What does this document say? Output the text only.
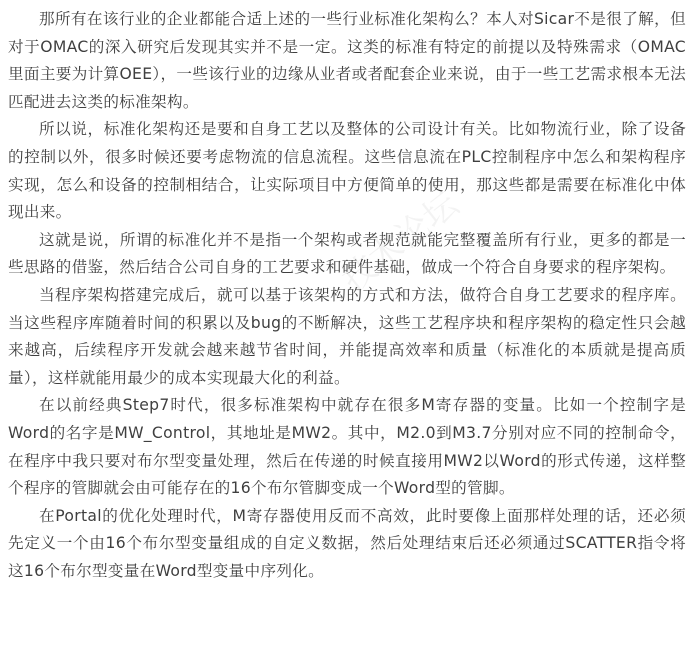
那所有在该行业的企业都能合适上述的一些行业标准化架构么？本人对Sicar不是很了解，但对于OMAC的深入研究后发现其实并不是一定。这类的标准有特定的前提以及特殊需求（OMAC里面主要为计算OEE），一些该行业的边缘从业者或者配套企业来说，由于一些工艺需求根本无法匹配进去这类的标准架构。

所以说，标准化架构还是要和自身工艺以及整体的公司设计有关。比如物流行业，除了设备的控制以外，很多时候还要考虑物流的信息流程。这些信息流在PLC控制程序中怎么和架构程序实现，怎么和设备的控制相结合，让实际项目中方便简单的使用，那这些都是需要在标准化中体现出来。

这就是说，所谓的标准化并不是指一个架构或者规范就能完整覆盖所有行业，更多的都是一些思路的借鉴，然后结合公司自身的工艺要求和硬件基础，做成一个符合自身要求的程序架构。

当程序架构搭建完成后，就可以基于该架构的方式和方法，做符合自身工艺要求的程序库。当这些程序库随着时间的积累以及bug的不断解决，这些工艺程序块和程序架构的稳定性只会越来越高，后续程序开发就会越来越节省时间，并能提高效率和质量（标准化的本质就是提高质量），这样就能用最少的成本实现最大化的利益。

在以前经典Step7时代，很多标准架构中就存在很多M寄存器的变量。比如一个控制字是Word的名字是MW_Control，其地址是MW2。其中，M2.0到M3.7分别对应不同的控制命令，在程序中我只要对布尔型变量处理，然后在传递的时候直接用MW2以Word的形式传递，这样整个程序的管脚就会由可能存在的16个布尔管脚变成一个Word型的管脚。

在Portal的优化处理时代，M寄存器使用反而不高效，此时要像上面那样处理的话，还必须先定义一个由16个布尔型变量组成的自定义数据，然后处理结束后还必须通过SCATTER指令将这16个布尔型变量在Word型变量中序列化。

技术论坛
